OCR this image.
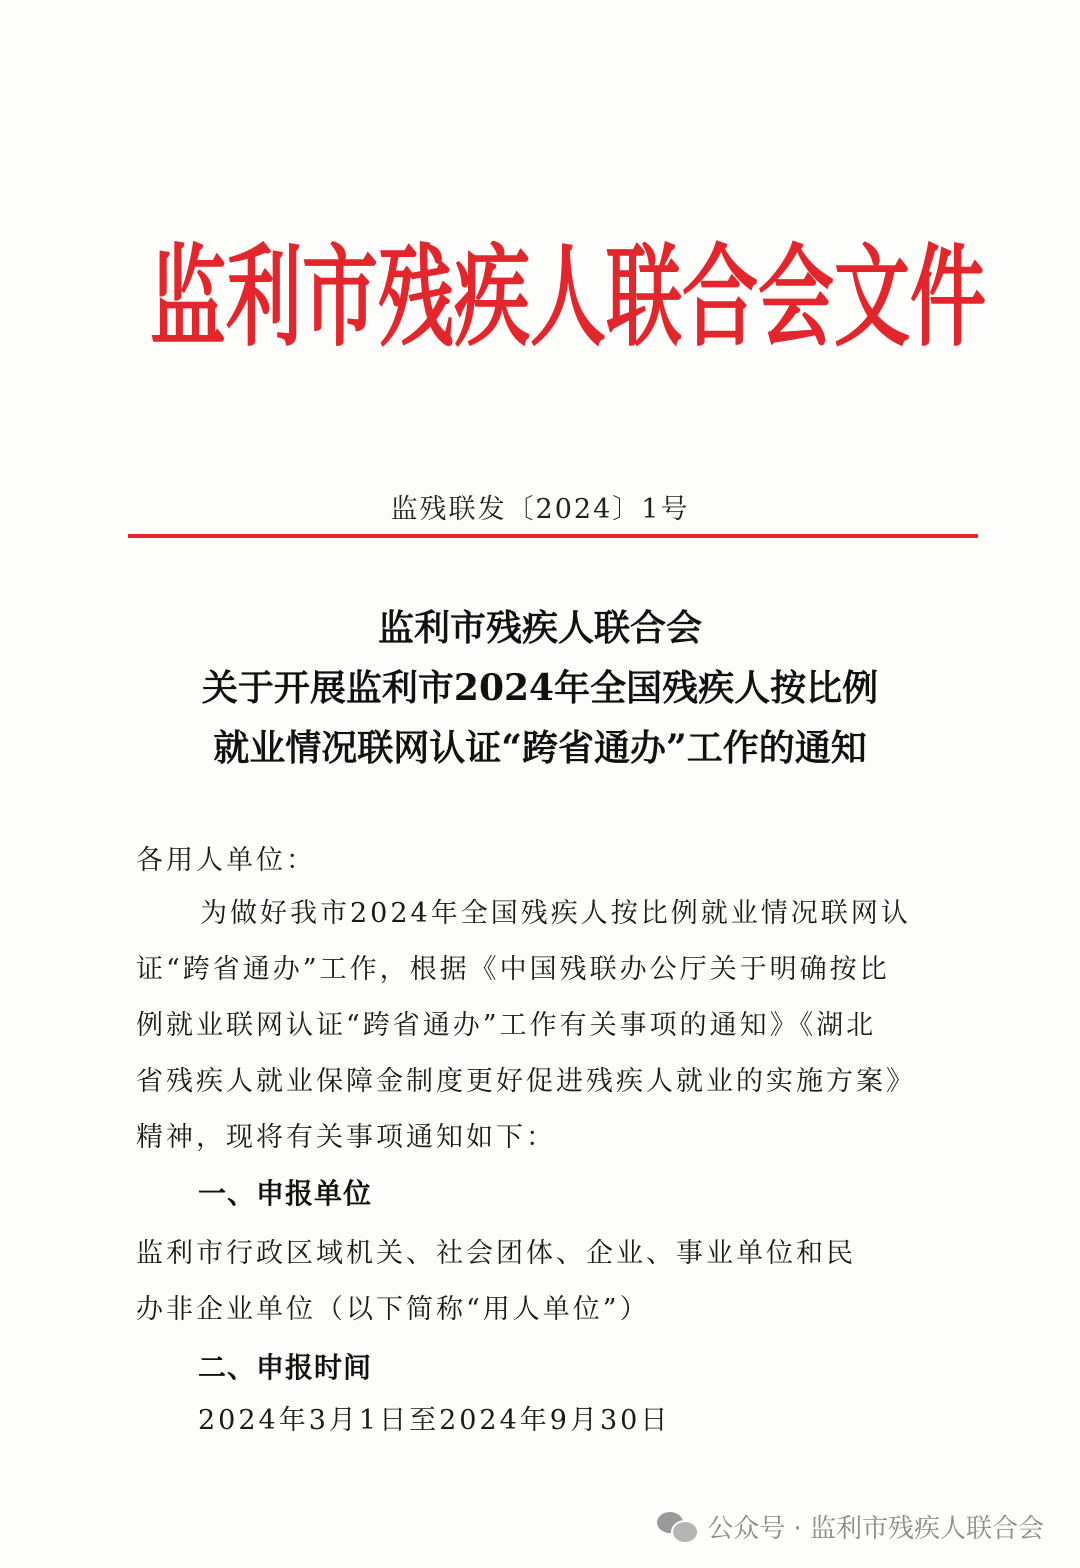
监利市残疾人联合会文件
监残联发〔2024〕1号
监利市残疾人联合会
关于开展监利市2024年全国残疾人按比例
就业情况联网认证“跨省通办”工作的通知
各用人单位：
为做好我市2024年全国残疾人按比例就业情况联网认
证“跨省通办”工作，根据《中国残联办公厅关于明确按比
例就业联网认证“跨省通办”工作有关事项的通知》《湖北
省残疾人就业保障金制度更好促进残疾人就业的实施方案》
精神，现将有关事项通知如下：
一、申报单位
监利市行政区域机关、社会团体、企业、事业单位和民
办非企业单位（以下简称“用人单位”）
二、申报时间
2024年3月1日至2024年9月30日
公众号 · 监利市残疾人联合会
